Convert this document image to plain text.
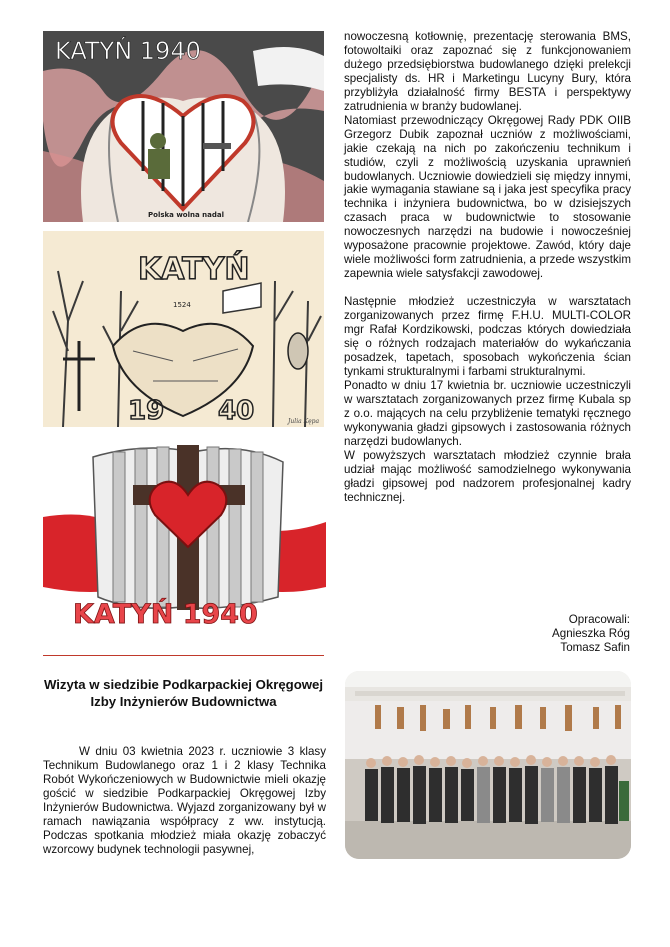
KATYŃ 1940
Polska wolna nadal
KATYŃ
1524
19 40	Julia Kępa
KATYŃ 1940

nowoczesną kotłownię, prezentację sterowania BMS, fotowoltaiki oraz zapoznać się z funkcjonowaniem dużego przedsiębiorstwa budowlanego dzięki prelekcji specjalisty ds. HR i Marketingu Lucyny Bury, która przybliżyła działalność firmy BESTA i perspektywy zatrudnienia w branży budowlanej.

Natomiast przewodniczący Okręgowej Rady PDK OIIB Grzegorz Dubik zapoznał uczniów z możliwościami, jakie czekają na nich po zakończeniu technikum i studiów, czyli z możliwością uzyskania uprawnień budowlanych. Uczniowie dowiedzieli się między innymi, jakie wymagania stawiane są i jaka jest specyfika pracy technika i inżyniera budownictwa, bo w dzisiejszych czasach praca w budownictwie to stosowanie nowoczesnych narzędzi na budowie i nowocześniej wyposażone pracownie projektowe. Zawód, który daje wiele możliwości form zatrudnienia, a przede wszystkim zapewnia wiele satysfakcji zawodowej.

Następnie młodzież uczestniczyła w warsztatach zorganizowanych przez firmę F.H.U. MULTI-COLOR mgr Rafał Kordzikowski, podczas których dowiedziała się o różnych rodzajach materiałów do wykańczania posadzek, tapetach, sposobach wykończenia ścian tynkami strukturalnymi i farbami strukturalnymi.

Ponadto w dniu 17 kwietnia br. uczniowie uczestniczyli w warsztatach zorganizowanych przez firmę Kubala sp z o.o. mających na celu przybliżenie tematyki ręcznego wykonywania gładzi gipsowych i zastosowania różnych narzędzi budowlanych.

W powyższych warsztatach młodzież czynnie brała udział mając możliwość samodzielnego wykonywania gładzi gipsowej pod nadzorem profesjonalnej kadry technicznej.

Opracowali:
Agnieszka Róg
Tomasz Safin
Wizyta w siedzibie Podkarpackiej Okręgowej Izby Inżynierów Budownictwa

W dniu 03 kwietnia 2023 r. uczniowie 3 klasy Technikum Budowlanego oraz 1 i 2 klasy Technika Robót Wykończeniowych w Budownictwie mieli okazję gościć w siedzibie Podkarpackiej Okręgowej Izby Inżynierów Budownictwa. Wyjazd zorganizowany był w ramach nawiązania współpracy z ww. instytucją. Podczas spotkania młodzież miała okazję zobaczyć wzorcowy budynek technologii pasywnej,
